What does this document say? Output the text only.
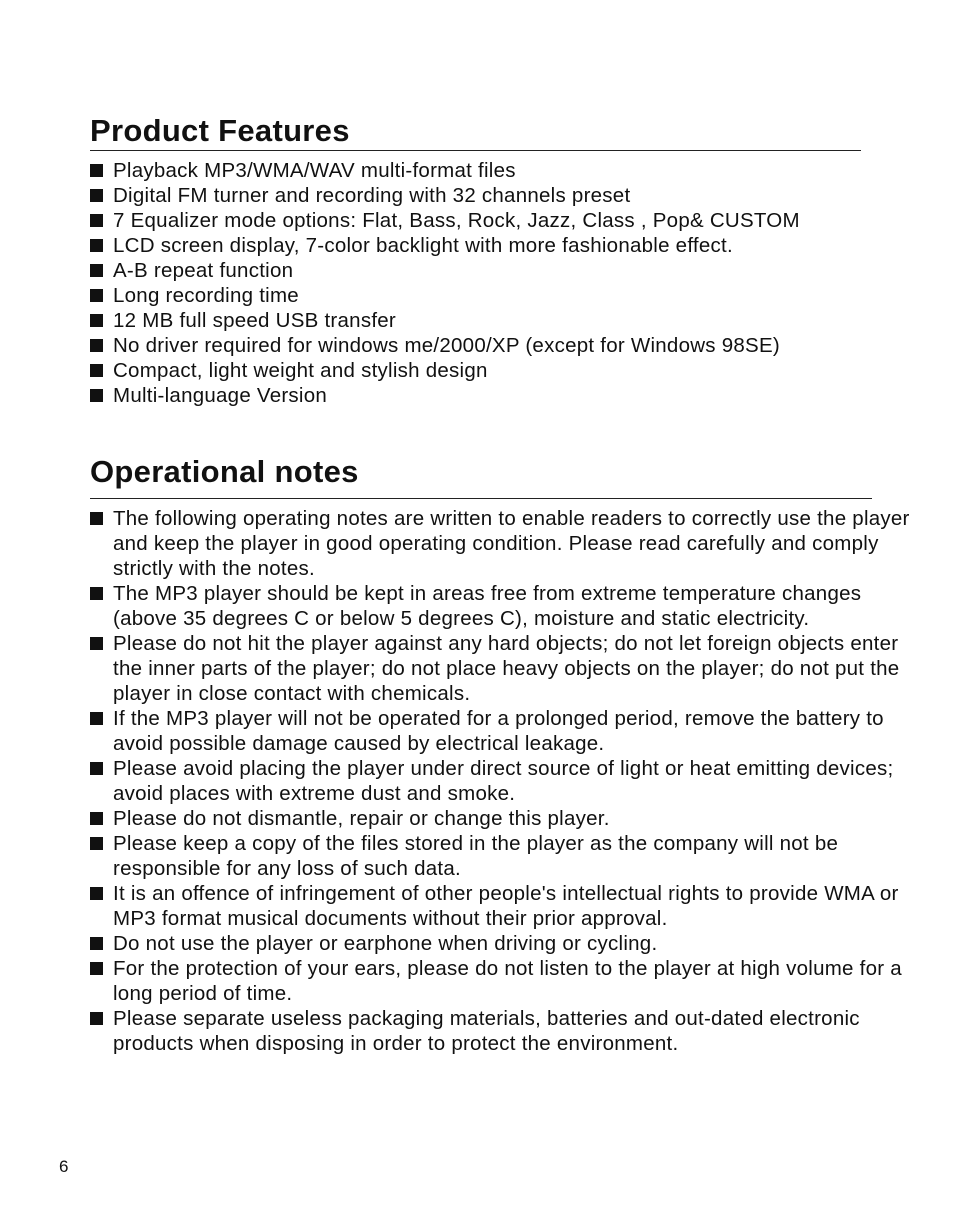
Product Features
Playback MP3/WMA/WAV multi-format files
Digital FM turner and recording with 32 channels preset
7 Equalizer mode options: Flat, Bass, Rock, Jazz, Class , Pop& CUSTOM
LCD screen display, 7-color backlight with more fashionable effect.
A-B repeat function
Long recording time
12 MB full speed USB transfer
No driver required for windows me/2000/XP (except for Windows 98SE)
Compact, light weight and stylish design
Multi-language Version
Operational notes
The following operating notes are written to enable readers to correctly use the player and keep the player in good operating condition. Please read carefully and comply strictly with the notes.
The MP3 player should be kept in areas free from extreme temperature changes (above 35 degrees C or below 5 degrees C), moisture and static electricity.
Please do not hit the player against any hard objects; do not let foreign objects enter the inner parts of the player; do not place heavy objects on the player; do not put the player in close contact with chemicals.
If the MP3 player will not be operated for a prolonged period, remove the battery to avoid possible damage caused by electrical leakage.
Please avoid placing the player under direct source of light or heat emitting devices; avoid places with extreme dust and smoke.
Please do not dismantle, repair or change this player.
Please keep a copy of the files stored in the player as the company will not be responsible for any loss of such data.
It is an offence of infringement of other people's intellectual rights to provide WMA or MP3 format musical documents without their prior approval.
Do not use the player or earphone when driving or cycling.
For the protection of your ears, please do not listen to the player at high volume for a long period of time.
Please separate useless packaging materials, batteries and out-dated electronic products when disposing in order to protect the environment.
6
